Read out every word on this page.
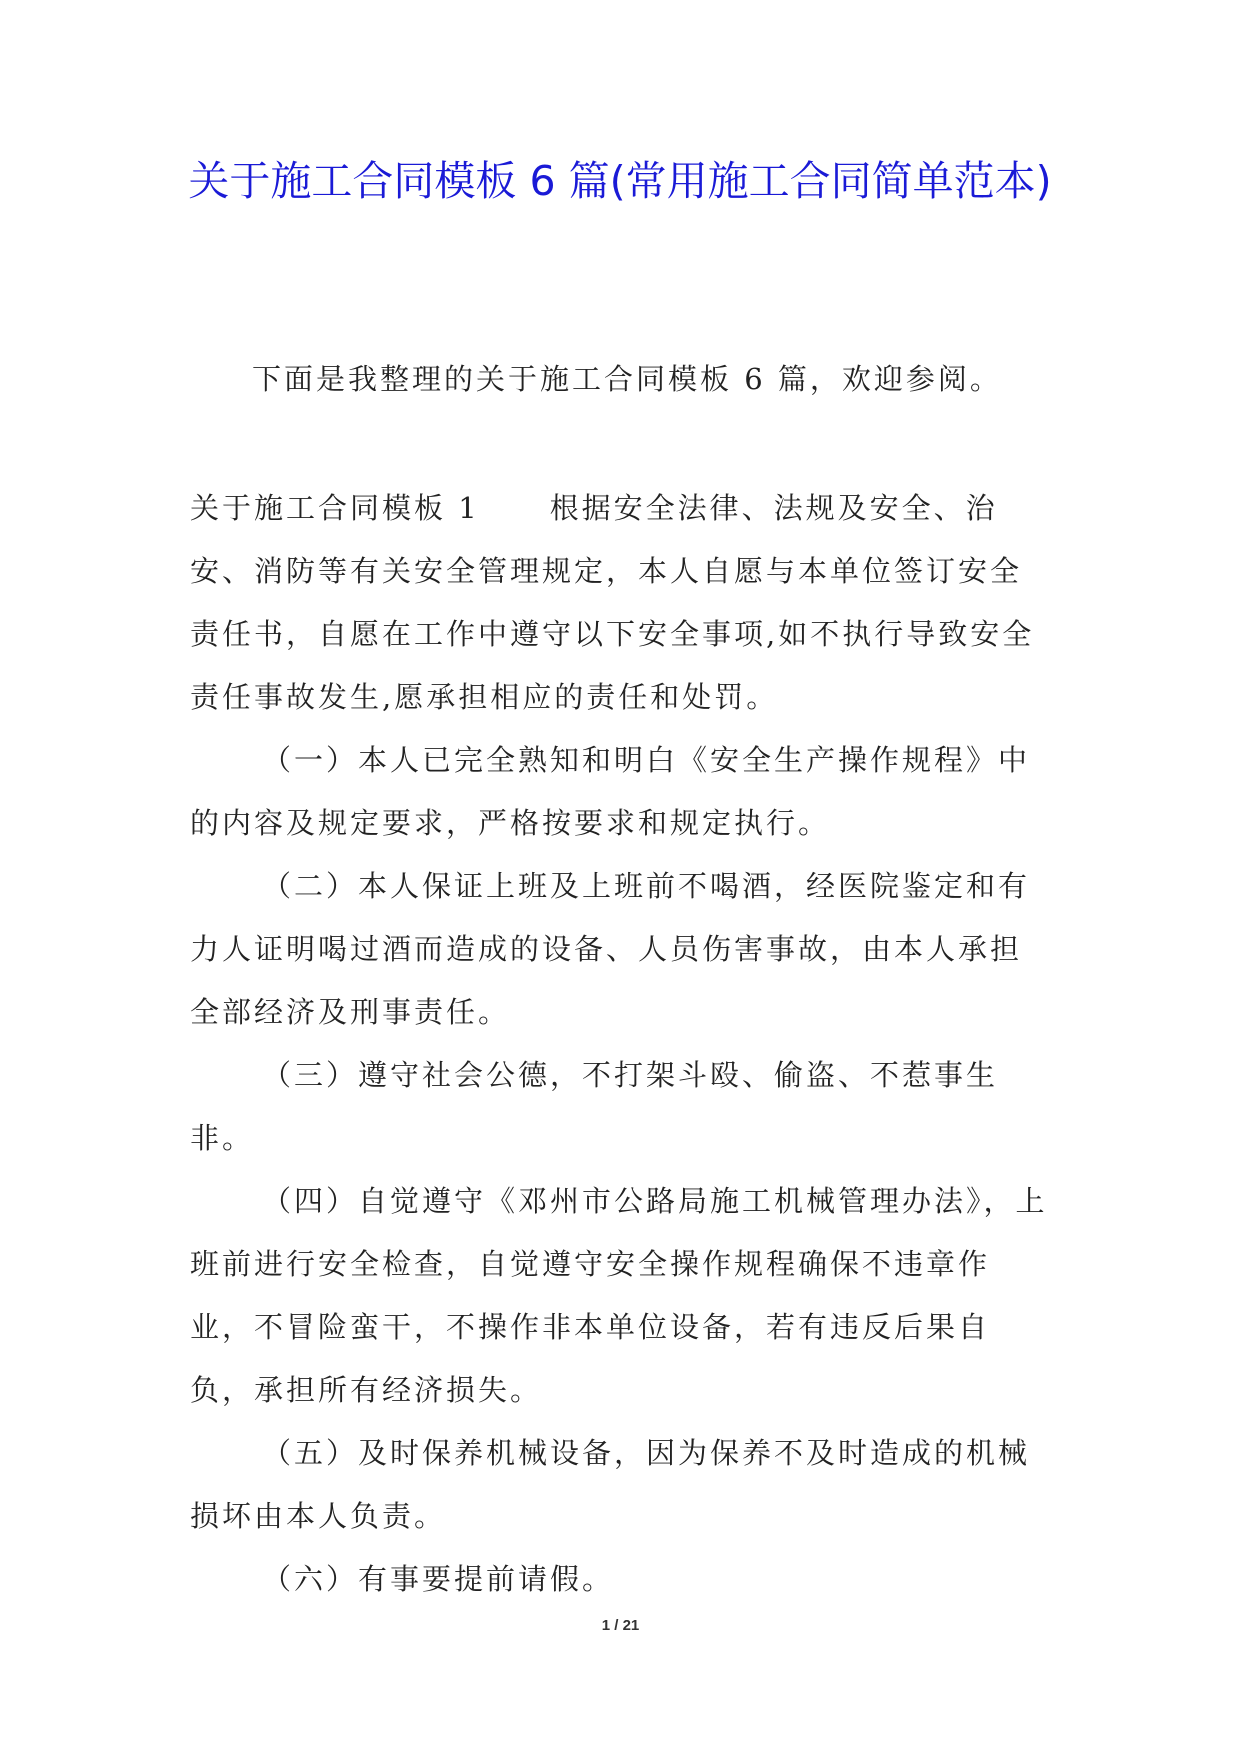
关于施工合同模板 6 篇(常用施工合同简单范本)

下面是我整理的关于施工合同模板 6 篇，欢迎参阅。

关于施工合同模板 1 根据安全法律、法规及安全、治安、消防等有关安全管理规定，本人自愿与本单位签订安全责任书，自愿在工作中遵守以下安全事项,如不执行导致安全责任事故发生,愿承担相应的责任和处罚。

（一）本人已完全熟知和明白《安全生产操作规程》中的内容及规定要求，严格按要求和规定执行。

（二）本人保证上班及上班前不喝酒，经医院鉴定和有力人证明喝过酒而造成的设备、人员伤害事故，由本人承担全部经济及刑事责任。

（三）遵守社会公德，不打架斗殴、偷盗、不惹事生非。

（四）自觉遵守《邓州市公路局施工机械管理办法》，上班前进行安全检查，自觉遵守安全操作规程确保不违章作业，不冒险蛮干，不操作非本单位设备，若有违反后果自负，承担所有经济损失。

（五）及时保养机械设备，因为保养不及时造成的机械损坏由本人负责。

（六）有事要提前请假。

1 / 21
